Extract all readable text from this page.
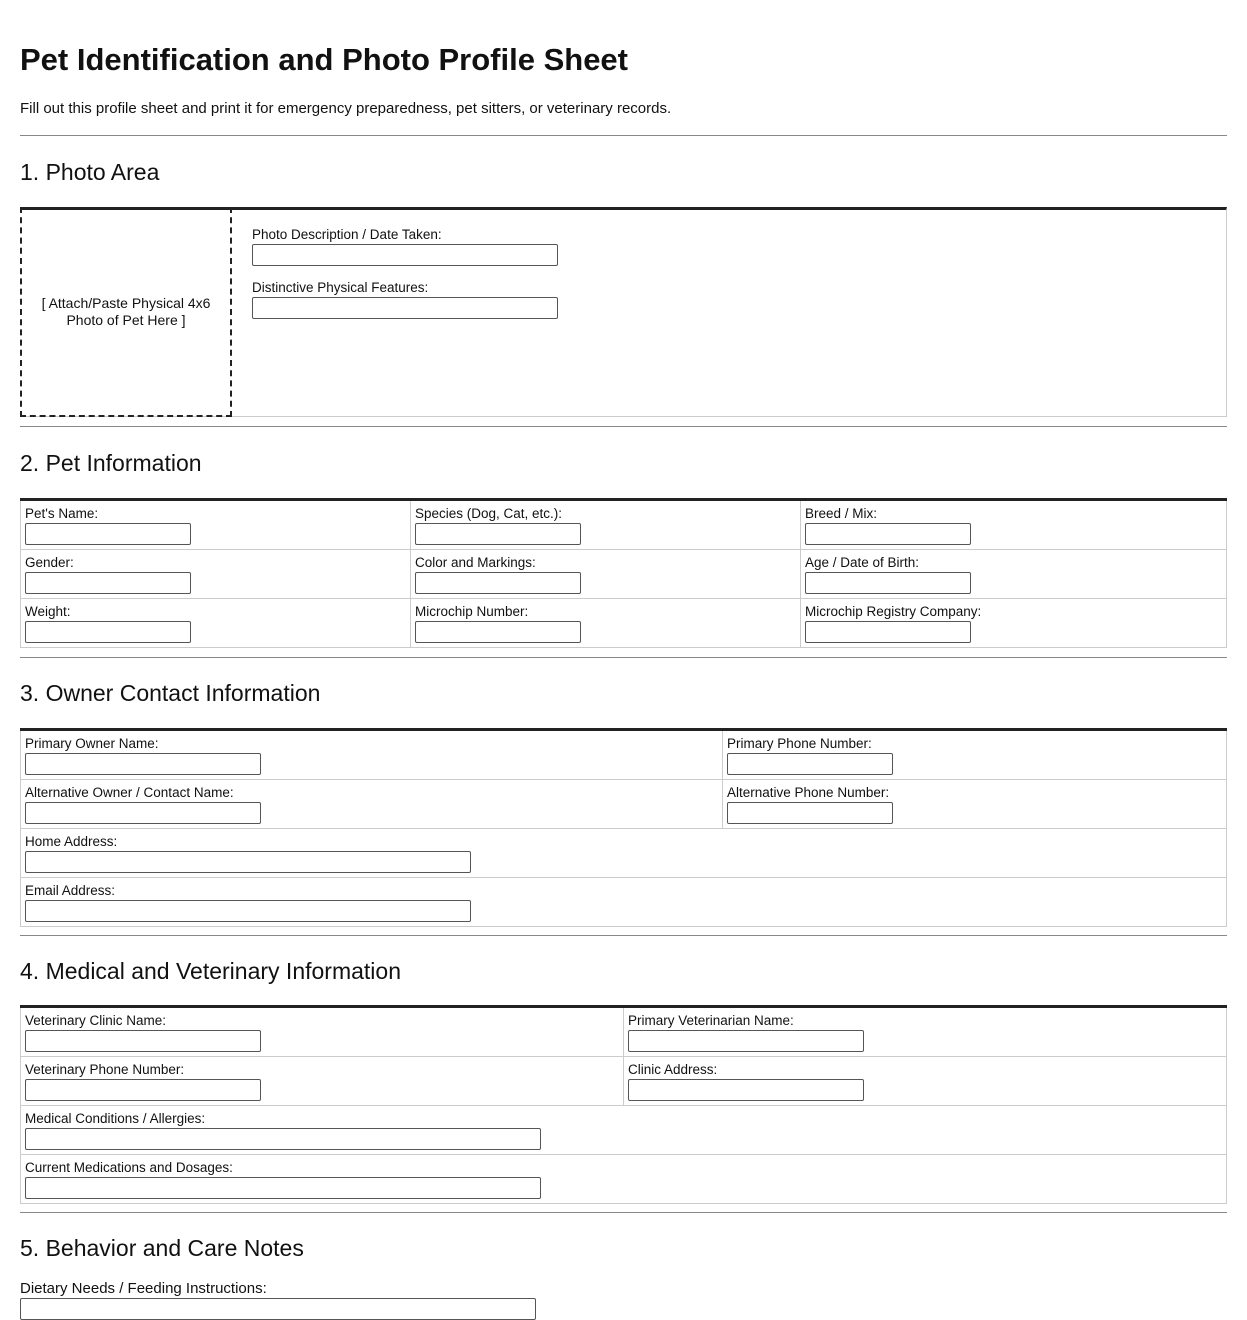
Pet Identification and Photo Profile Sheet
Fill out this profile sheet and print it for emergency preparedness, pet sitters, or veterinary records.
1. Photo Area
[ Attach/Paste Physical 4x6 Photo of Pet Here ]
Photo Description / Date Taken:
Distinctive Physical Features:
2. Pet Information
Pet's Name:	Species (Dog, Cat, etc.):	Breed / Mix:

Gender:	Color and Markings:	Age / Date of Birth:

Weight:	Microchip Number:	Microchip Registry Company:
3. Owner Contact Information
Primary Owner Name:	Primary Phone Number:

Alternative Owner / Contact Name:	Alternative Phone Number:

Home Address:	

Email Address:	
4. Medical and Veterinary Information
Veterinary Clinic Name:	Primary Veterinarian Name:

Veterinary Phone Number:	Clinic Address:

Medical Conditions / Allergies:	

Current Medications and Dosages:	
5. Behavior and Care Notes
Dietary Needs / Feeding Instructions:
